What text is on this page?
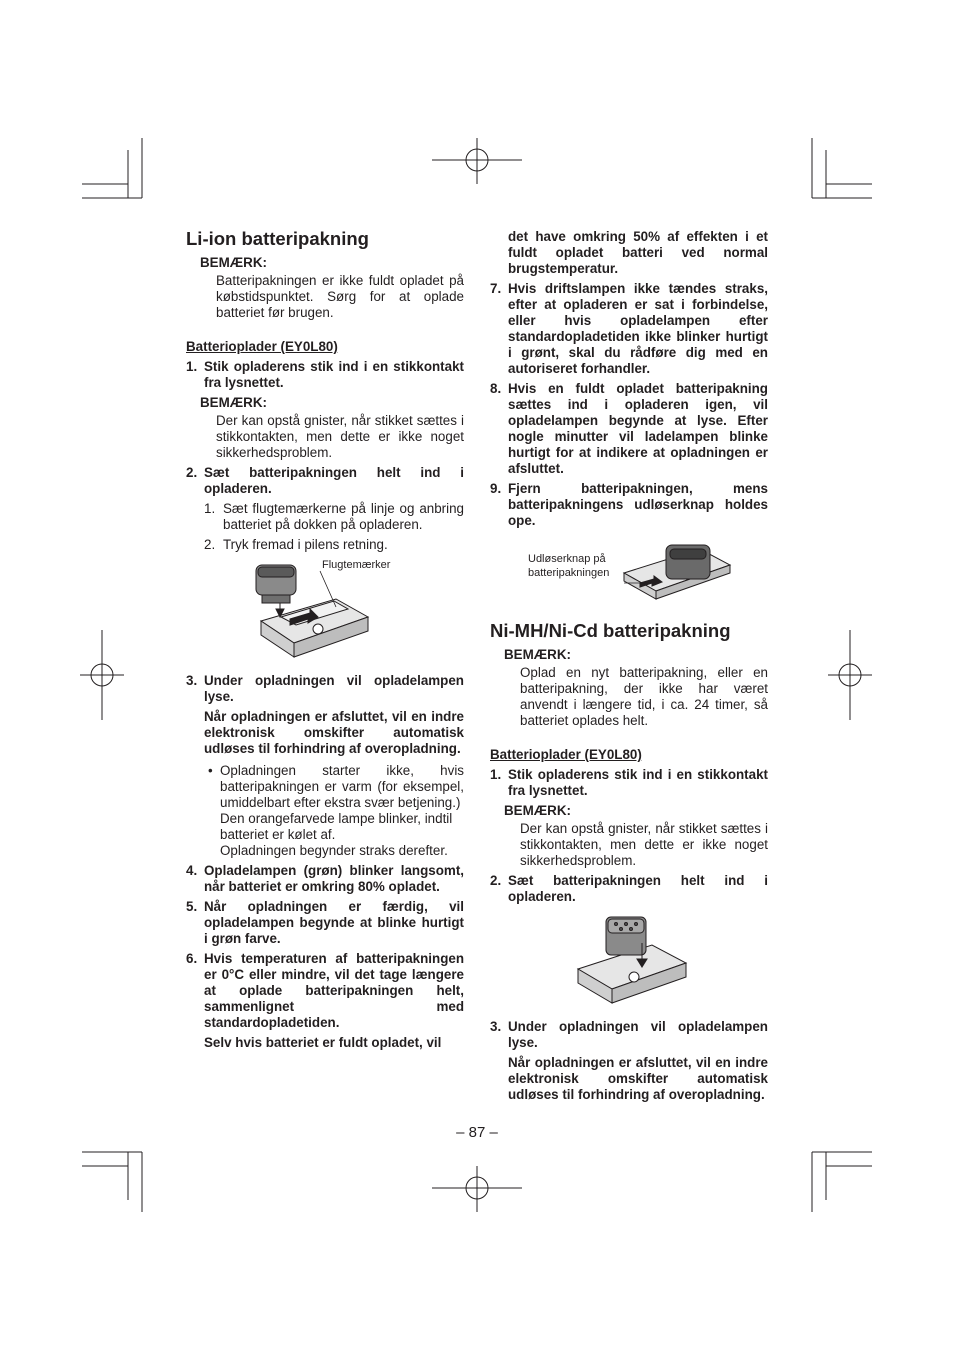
Li-ion batteripakning
BEMÆRK:
Batteripakningen er ikke fuldt opladet på købstidspunktet. Sørg for at oplade batteriet før brugen.
Batterioplader (EY0L80)
1. Stik opladerens stik ind i en stikkontakt fra lysnettet.
BEMÆRK:
Der kan opstå gnister, når stikket sættes i stikkontakten, men dette er ikke noget sikkerhedsproblem.
2. Sæt batteripakningen helt ind i opladeren.
1. Sæt flugtemærkerne på linje og anbring batteriet på dokken på opladeren.
2. Tryk fremad i pilens retning.
Flugtemærker
3. Under opladningen vil opladelampen lyse.
Når opladningen er afsluttet, vil en indre elektronisk omskifter automatisk udløses til forhindring af overopladning.
• Opladningen starter ikke, hvis batteripakningen er varm (for eksempel, umiddelbart efter ekstra svær betjening.)
Den orangefarvede lampe blinker, indtil batteriet er kølet af.
Opladningen begynder straks derefter.
4. Opladelampen (grøn) blinker langsomt, når batteriet er omkring 80% opladet.
5. Når opladningen er færdig, vil opladelampen begynde at blinke hurtigt i grøn farve.
6. Hvis temperaturen af batteripakningen er 0°C eller mindre, vil det tage længere at oplade batteripakningen helt, sammenlignet med standardopladetiden.
Selv hvis batteriet er fuldt opladet, vil
det have omkring 50% af effekten i et fuldt opladet batteri ved normal brugstemperatur.
7. Hvis driftslampen ikke tændes straks, efter at opladeren er sat i forbindelse, eller hvis opladelampen efter standardopladetiden ikke blinker hurtigt i grønt, skal du rådføre dig med en autoriseret forhandler.
8. Hvis en fuldt opladet batteripakning sættes ind i opladeren igen, vil opladelampen begynde at lyse. Efter nogle minutter vil ladelampen blinke hurtigt for at indikere at opladningen er afsluttet.
9. Fjern batteripakningen, mens batteripakningens udløserknap holdes ope.
Udløserknap på
batteripakningen
Ni-MH/Ni-Cd batteripakning
BEMÆRK:
Oplad en nyt batteripakning, eller en batteripakning, der ikke har været anvendt i længere tid, i ca. 24 timer, så batteriet oplades helt.
Batterioplader (EY0L80)
1. Stik opladerens stik ind i en stikkontakt fra lysnettet.
BEMÆRK:
Der kan opstå gnister, når stikket sættes i stikkontakten, men dette er ikke noget sikkerhedsproblem.
2. Sæt batteripakningen helt ind i opladeren.
3. Under opladningen vil opladelampen lyse.
Når opladningen er afsluttet, vil en indre elektronisk omskifter automatisk udløses til forhindring af overopladning.
– 87 –
